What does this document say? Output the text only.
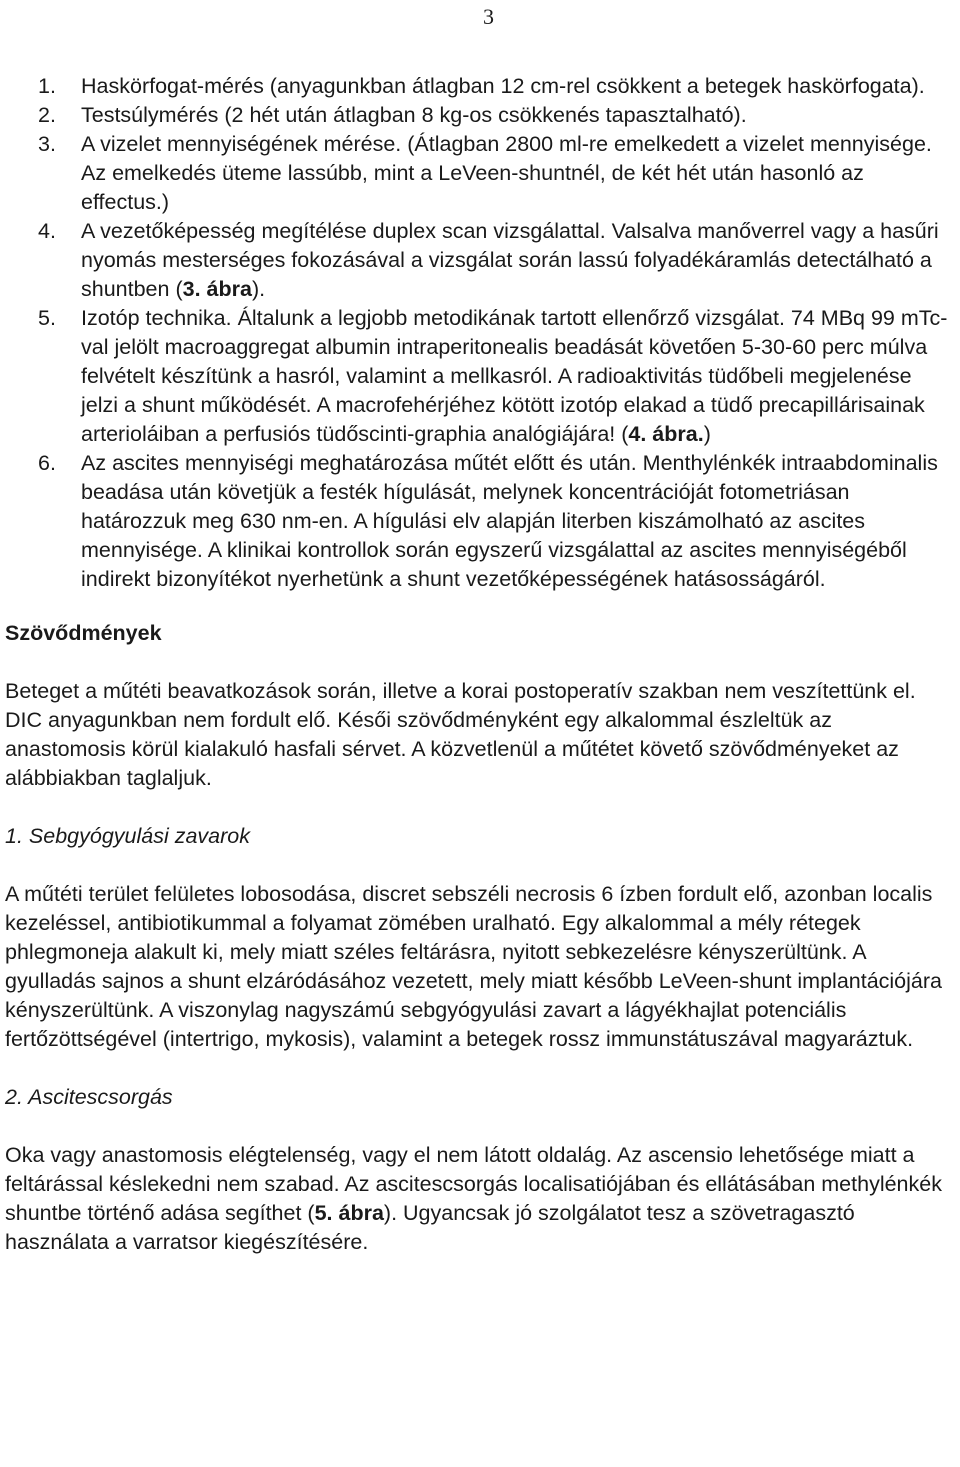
3
1. Haskörfogat-mérés (anyagunkban átlagban 12 cm-rel csökkent a betegek haskörfogata).
2. Testsúlymérés (2 hét után átlagban 8 kg-os csökkenés tapasztalható).
3. A vizelet mennyiségének mérése. (Átlagban 2800 ml-re emelkedett a vizelet mennyisége. Az emelkedés üteme lassúbb, mint a LeVeen-shuntnél, de két hét után hasonló az effectus.)
4. A vezetőképesség megítélése duplex scan vizsgálattal. Valsalva manőverrel vagy a hasűri nyomás mesterséges fokozásával a vizsgálat során lassú folyadékáramlás detectálható a shuntben (3. ábra).
5. Izotóp technika. Általunk a legjobb metodikának tartott ellenőrző vizsgálat. 74 MBq 99 mTc-val jelölt macroaggregat albumin intraperitonealis beadását követően 5-30-60 perc múlva felvételt készítünk a hasról, valamint a mellkasról. A radioaktivitás tüdőbeli megjelenése jelzi a shunt működését. A macrofehérjéhez kötött izotóp elakad a tüdő precapillárisainak arterioláiban a perfusiós tüdőscinti-graphia analógiájára! (4. ábra.)
6. Az ascites mennyiségi meghatározása műtét előtt és után. Menthylénkék intraabdominalis beadása után követjük a festék hígulását, melynek koncentrációját fotometriásan határozzuk meg 630 nm-en. A hígulási elv alapján literben kiszámolható az ascites mennyisége. A klinikai kontrollok során egyszerű vizsgálattal az ascites mennyiségéből indirekt bizonyítékot nyerhetünk a shunt vezetőképességének hatásosságáról.
Szövődmények

Beteget a műtéti beavatkozások során, illetve a korai postoperatív szakban nem veszítettünk el. DIC anyagunkban nem fordult elő. Késői szövődményként egy alkalommal észleltük az anastomosis körül kialakuló hasfali sérvet. A közvetlenül a műtétet követő szövődményeket az alábbiakban taglaljuk.

1. Sebgyógyulási zavarok

A műtéti terület felületes lobosodása, discret sebszéli necrosis 6 ízben fordult elő, azonban localis kezeléssel, antibiotikummal a folyamat zömében uralható. Egy alkalommal a mély rétegek phlegmoneja alakult ki, mely miatt széles feltárásra, nyitott sebkezelésre kényszerültünk. A gyulladás sajnos a shunt elzáródásához vezetett, mely miatt később LeVeen-shunt implantációjára kényszerültünk. A viszonylag nagyszámú sebgyógyulási zavart a lágyékhajlat potenciális fertőzöttségével (intertrigo, mykosis), valamint a betegek rossz immunstátuszával magyaráztuk.

2. Ascitescsorgás

Oka vagy anastomosis elégtelenség, vagy el nem látott oldalág. Az ascensio lehetősége miatt a feltárással késlekedni nem szabad. Az ascitescsorgás localisatiójában és ellátásában methylénkék shuntbe történő adása segíthet (5. ábra). Ugyancsak jó szolgálatot tesz a szövetragasztó használata a varratsor kiegészítésére.
